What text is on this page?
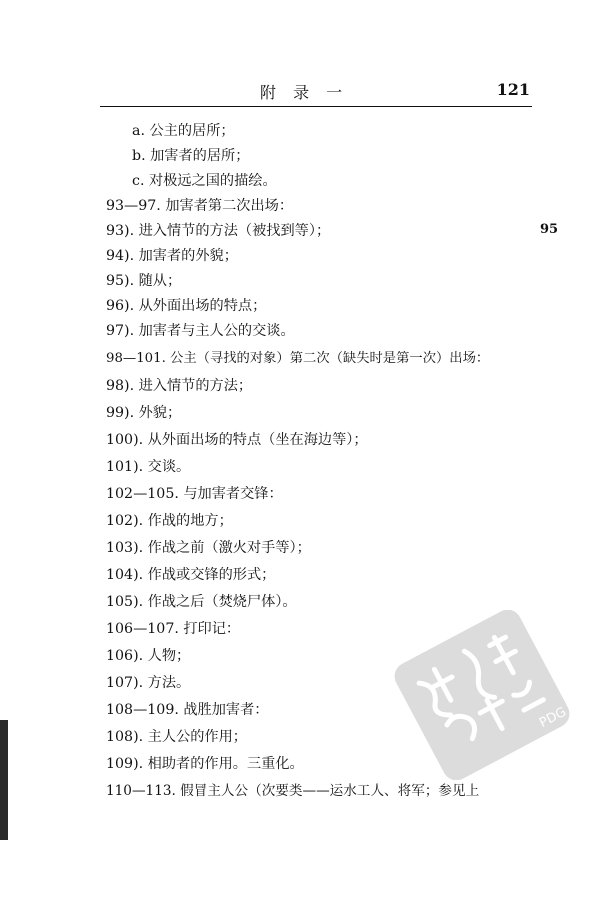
附 录 一	121
95
a. 公主的居所；
b. 加害者的居所；
c. 对极远之国的描绘。
93—97. 加害者第二次出场：
93). 进入情节的方法（被找到等）；
94). 加害者的外貌；
95). 随从；
96). 从外面出场的特点；
97). 加害者与主人公的交谈。
98—101. 公主（寻找的对象）第二次（缺失时是第一次）出场：
98). 进入情节的方法；
99). 外貌；
100). 从外面出场的特点（坐在海边等）；
101). 交谈。
102—105. 与加害者交锋：
102). 作战的地方；
103). 作战之前（激火对手等）；
104). 作战或交锋的形式；
105). 作战之后（焚烧尸体）。
106—107. 打印记：
106). 人物；
107). 方法。
108—109. 战胜加害者：
108). 主人公的作用；
109). 相助者的作用。三重化。
110—113. 假冒主人公（次要类——运水工人、将军；参见上
PDG
